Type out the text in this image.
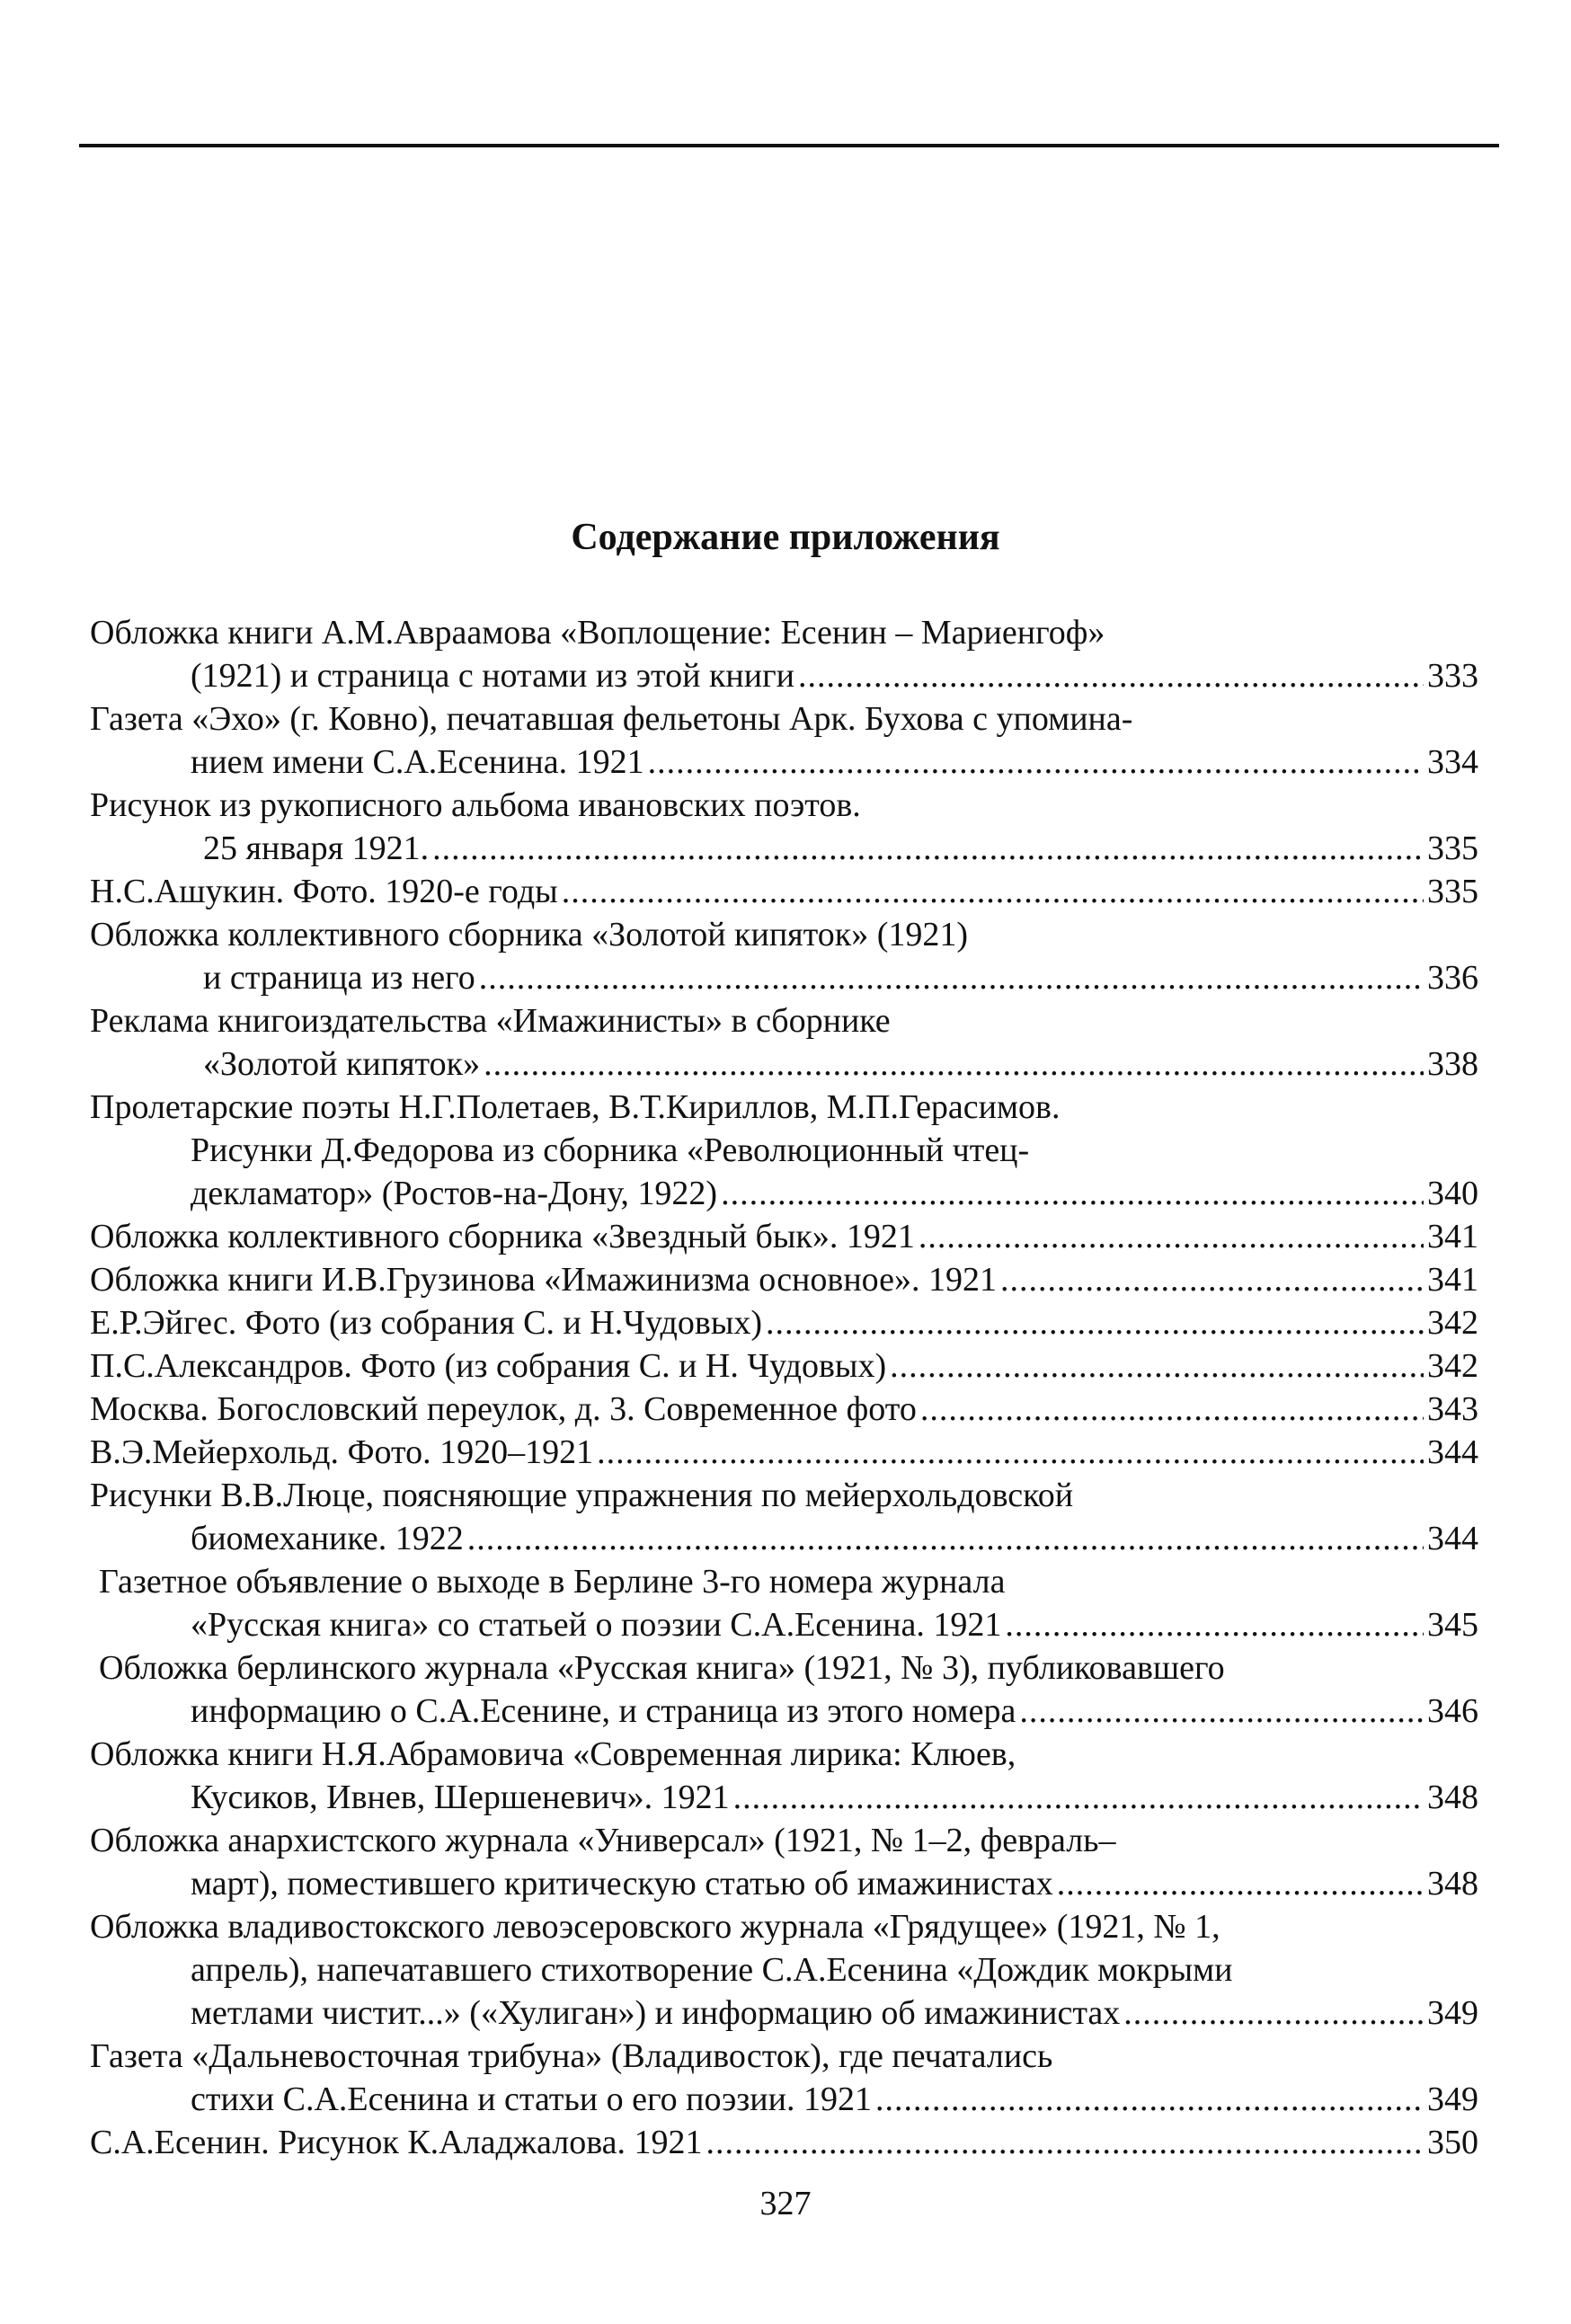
Содержание приложения
Обложка книги А.М.Авраамова «Воплощение: Есенин – Мариенгоф»
(1921) и страница с нотами из этой книги .....	333
Газета «Эхо» (г. Ковно), печатавшая фельетоны Арк. Бухова с упомина-
нием имени С.А.Есенина. 1921 .....	334
Рисунок из рукописного альбома ивановских поэтов.
25 января 1921. .....	335
Н.С.Ашукин. Фото. 1920-е годы .....	335
Обложка коллективного сборника «Золотой кипяток» (1921)
и страница из него .....	336
Реклама книгоиздательства «Имажинисты» в сборнике
«Золотой кипяток» .....	338
Пролетарские поэты Н.Г.Полетаев, В.Т.Кириллов, М.П.Герасимов.
Рисунки Д.Федорова из сборника «Революционный чтец-
декламатор» (Ростов-на-Дону, 1922) .....	340
Обложка коллективного сборника «Звездный бык». 1921 .....	341
Обложка книги И.В.Грузинова «Имажинизма основное». 1921 .....	341
Е.Р.Эйгес. Фото (из собрания С. и Н.Чудовых) .....	342
П.С.Александров. Фото (из собрания С. и Н. Чудовых) .....	342
Москва. Богословский переулок, д. 3. Современное фото .....	343
В.Э.Мейерхольд. Фото. 1920–1921 .....	344
Рисунки В.В.Люце, поясняющие упражнения по мейерхольдовской
биомеханике. 1922 .....	344
Газетное объявление о выходе в Берлине 3-го номера журнала
«Русская книга» со статьей о поэзии С.А.Есенина. 1921 .....	345
Обложка берлинского журнала «Русская книга» (1921, № 3), публиковавшего
информацию о С.А.Есенине, и страница из этого номера .....	346
Обложка книги Н.Я.Абрамовича «Современная лирика: Клюев,
Кусиков, Ивнев, Шершеневич». 1921 .....	348
Обложка анархистского журнала «Универсал» (1921, № 1–2, февраль–
март), поместившего критическую статью об имажинистах .....	348
Обложка владивостокского левоэсеровского журнала «Грядущее» (1921, № 1,
апрель), напечатавшего стихотворение С.А.Есенина «Дождик мокрыми
метлами чистит...» («Хулиган») и информацию об имажинистах .....	349
Газета «Дальневосточная трибуна» (Владивосток), где печатались
стихи С.А.Есенина и статьи о его поэзии. 1921 .....	349
С.А.Есенин. Рисунок К.Аладжалова. 1921 .....	350
327
